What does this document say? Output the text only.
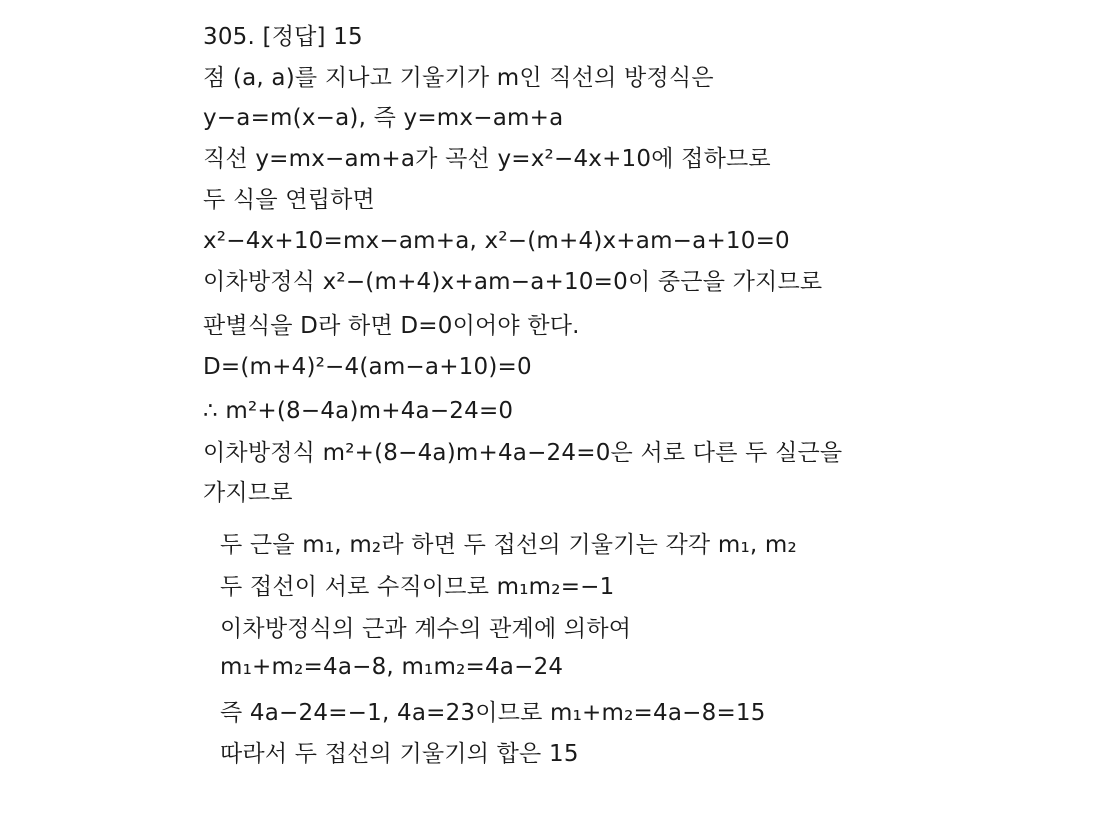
305. [정답] 15
점 (a, a)를 지나고 기울기가 m인 직선의 방정식은
y−a=m(x−a), 즉 y=mx−am+a
직선 y=mx−am+a가 곡선 y=x²−4x+10에 접하므로
두 식을 연립하면
x²−4x+10=mx−am+a, x²−(m+4)x+am−a+10=0
이차방정식 x²−(m+4)x+am−a+10=0이 중근을 가지므로
판별식을 D라 하면 D=0이어야 한다.
D=(m+4)²−4(am−a+10)=0
∴ m²+(8−4a)m+4a−24=0
이차방정식 m²+(8−4a)m+4a−24=0은 서로 다른 두 실근을
가지므로
두 근을 m₁, m₂라 하면 두 접선의 기울기는 각각 m₁, m₂
두 접선이 서로 수직이므로 m₁m₂=−1
이차방정식의 근과 계수의 관계에 의하여
m₁+m₂=4a−8, m₁m₂=4a−24
즉 4a−24=−1, 4a=23이므로 m₁+m₂=4a−8=15
따라서 두 접선의 기울기의 합은 15
